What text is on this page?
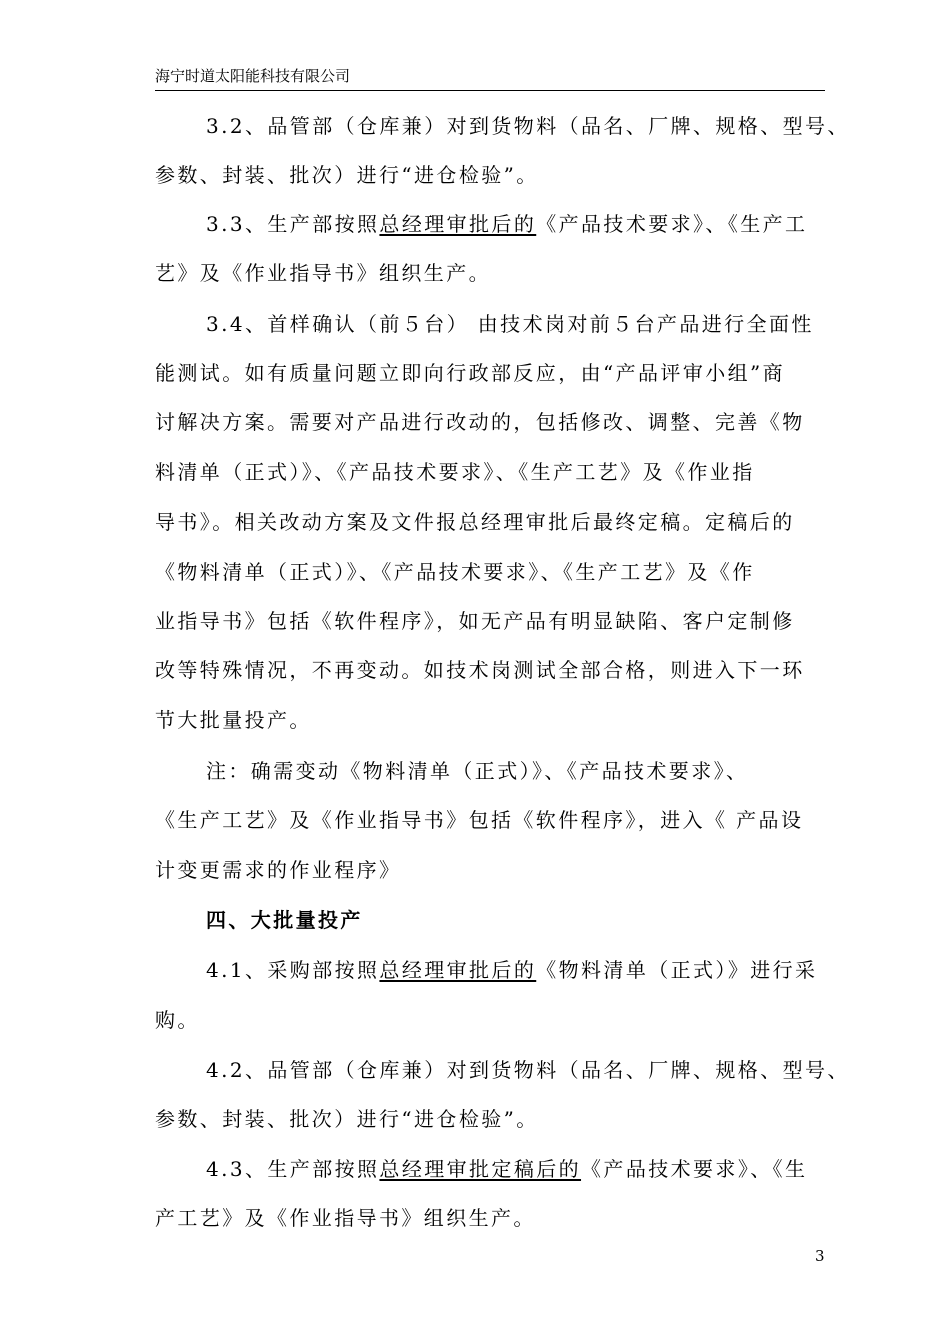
海宁时道太阳能科技有限公司
3.2、品管部（仓库兼）对到货物料（品名、厂牌、规格、型号、
参数、封装、批次）进行“进仓检验”。
3.3、生产部按照总经理审批后的《产品技术要求》、《生产工
艺》及《作业指导书》组织生产。
3.4、首样确认（前５台） 由技术岗对前５台产品进行全面性
能测试。如有质量问题立即向行政部反应，由“产品评审小组”商
讨解决方案。需要对产品进行改动的，包括修改、调整、完善《物
料清单（正式）》、《产品技术要求》、《生产工艺》及《作业指
导书》。相关改动方案及文件报总经理审批后最终定稿。定稿后的
《物料清单（正式）》、《产品技术要求》、《生产工艺》及《作
业指导书》包括《软件程序》，如无产品有明显缺陷、客户定制修
改等特殊情况，不再变动。如技术岗测试全部合格，则进入下一环
节大批量投产。
注：确需变动《物料清单（正式）》、《产品技术要求》、
《生产工艺》及《作业指导书》包括《软件程序》，进入《 产品设
计变更需求的作业程序》
四、大批量投产
4.1、采购部按照总经理审批后的《物料清单（正式）》进行采
购。
4.2、品管部（仓库兼）对到货物料（品名、厂牌、规格、型号、
参数、封装、批次）进行“进仓检验”。
4.3、生产部按照总经理审批定稿后的《产品技术要求》、《生
产工艺》及《作业指导书》组织生产。
3
